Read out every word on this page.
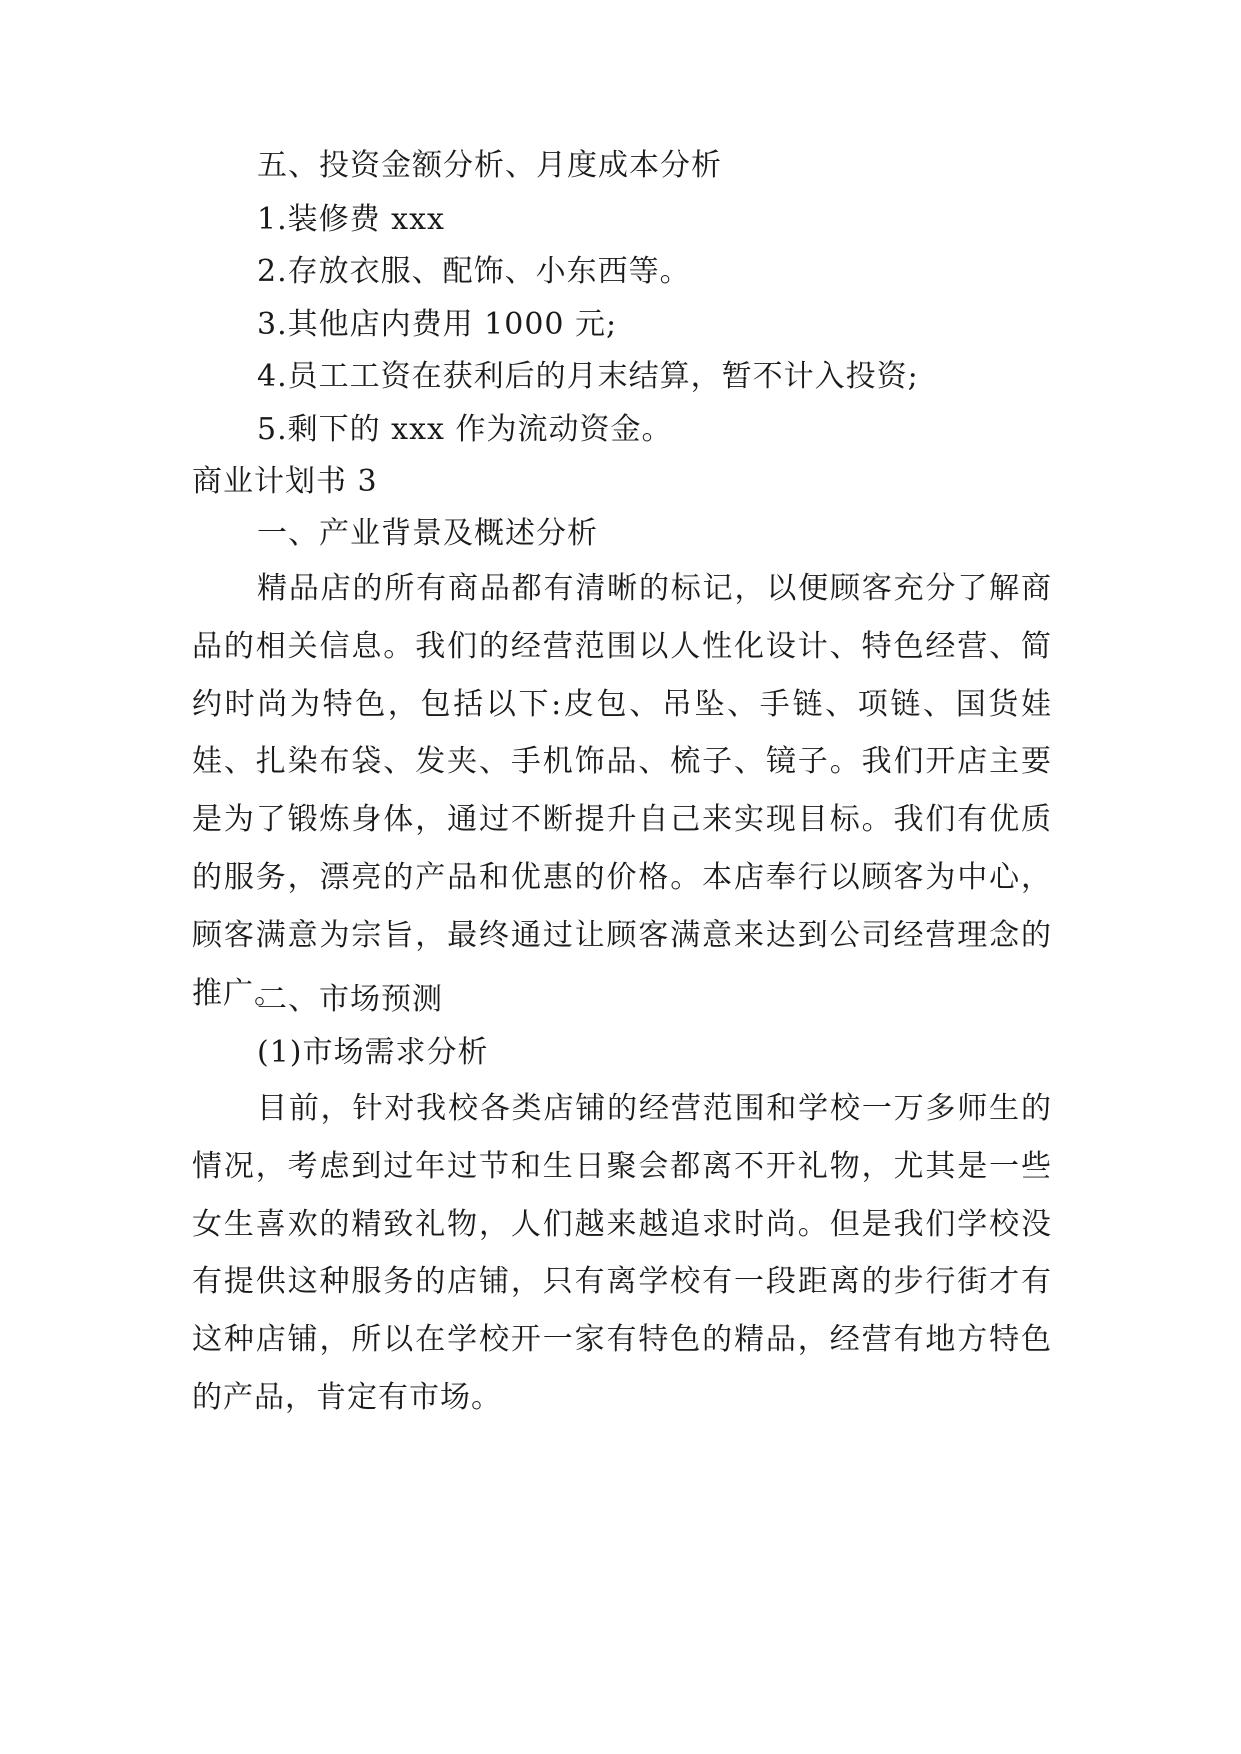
五、投资金额分析、月度成本分析
1.装修费 xxx
2.存放衣服、配饰、小东西等。
3.其他店内费用 1000 元;
4.员工工资在获利后的月末结算，暂不计入投资;
5.剩下的 xxx 作为流动资金。
商业计划书 3
一、产业背景及概述分析

精品店的所有商品都有清晰的标记，以便顾客充分了解商品的相关信息。我们的经营范围以人性化设计、特色经营、简约时尚为特色，包括以下:皮包、吊坠、手链、项链、国货娃娃、扎染布袋、发夹、手机饰品、梳子、镜子。我们开店主要是为了锻炼身体，通过不断提升自己来实现目标。我们有优质的服务，漂亮的产品和优惠的价格。本店奉行以顾客为中心，顾客满意为宗旨，最终通过让顾客满意来达到公司经营理念的推广。

二、市场预测
(1)市场需求分析

目前，针对我校各类店铺的经营范围和学校一万多师生的情况，考虑到过年过节和生日聚会都离不开礼物，尤其是一些女生喜欢的精致礼物，人们越来越追求时尚。但是我们学校没有提供这种服务的店铺，只有离学校有一段距离的步行街才有这种店铺，所以在学校开一家有特色的精品，经营有地方特色的产品，肯定有市场。
